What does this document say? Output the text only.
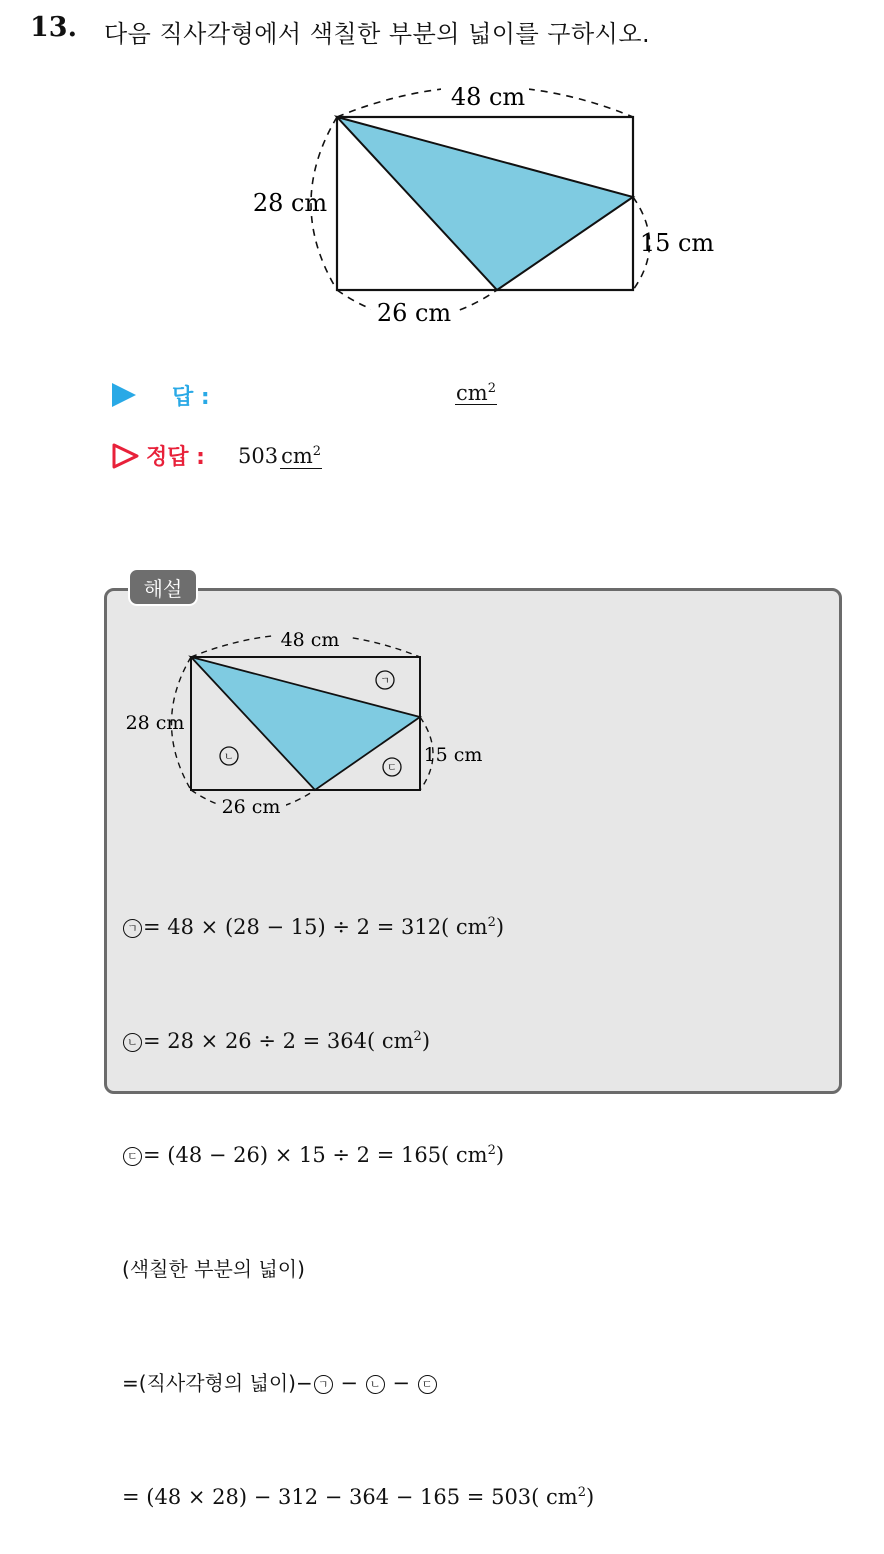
13. 다음 직사각형에서 색칠한 부분의 넓이를 구하시오.
48 cm
28 cm
15 cm
26 cm
답 :	$cm^2$
정답 : 503 $cm^2$
해설
48 cm
28 cm
15 cm
26 cm
ㄱ
ㄴ
ㄷ

ㄱ = 48 × (28 − 15) ÷ 2 = 312( $cm^2$)

ㄴ = 28 × 26 ÷ 2 = 364( $cm^2$)

ㄷ = (48 − 26) × 15 ÷ 2 = 165( $cm^2$)

(색칠한 부분의 넓이)

=(직사각형의 넓이)− ㄱ − ㄴ − ㄷ

= (48 × 28) − 312 − 364 − 165 = 503( $cm^2$)
